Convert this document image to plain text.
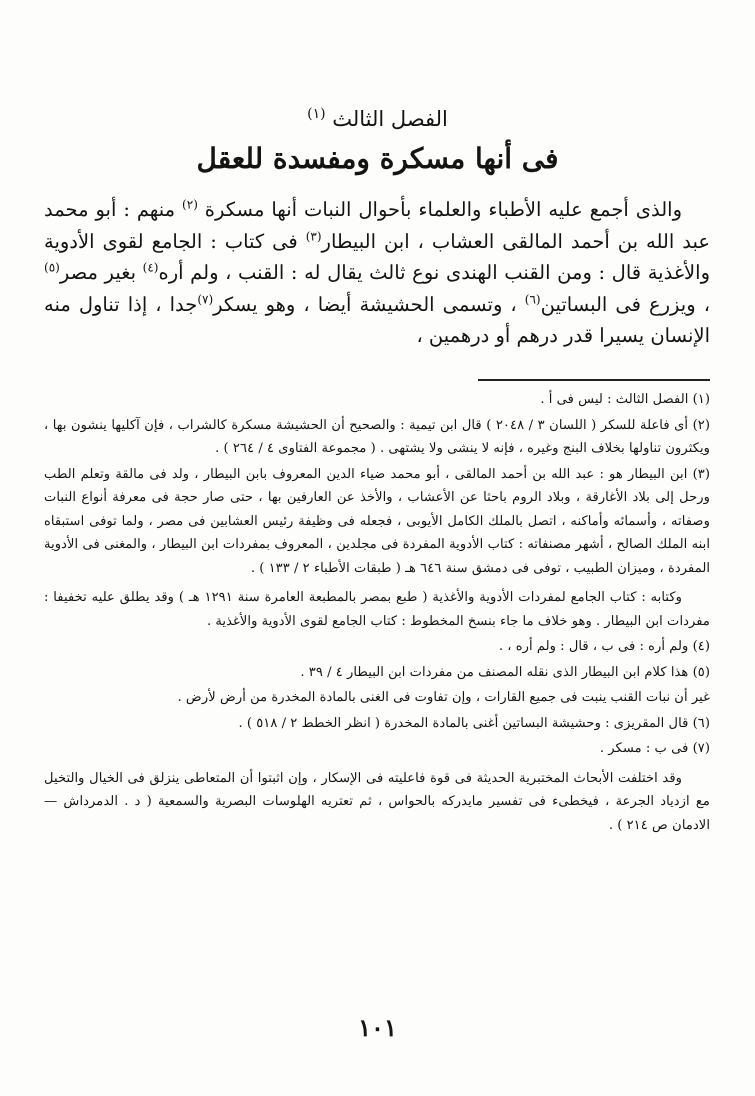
الفصل الثالث $^{(١)}$
فى أنها مسكرة ومفسدة للعقل

والذى أجمع عليه الأطباء والعلماء بأحوال النبات أنها مسكرة $^{(٢)}$ منهم : أبو محمد عبد الله بن أحمد المالقى العشاب ، ابن البيطار$^{(٣)}$ فى كتاب : الجامع لقوى الأدوية والأغذية قال : ومن القنب الهندى نوع ثالث يقال له : القنب ، ولم أره$^{(٤)}$ بغير مصر$^{(٥)}$ ، ويزرع فى البساتين$^{(٦)}$ ، وتسمى الحشيشة أيضا ، وهو يسكر$^{(٧)}$جدا ، إذا تناول منه الإنسان يسيرا قدر درهم أو درهمين ،

(١) الفصل الثالث : ليس فى أ .

(٢) أى فاعلة للسكر ( اللسان ٣ / ٢٠٤٨ ) قال ابن تيمية : والصحيح أن الحشيشة مسكرة كالشراب ، فإن آكليها ينشون بها ، ويكثرون تناولها بخلاف البنج وغيره ، فإنه لا ينشى ولا يشتهى . ( مجموعة الفتاوى ٤ / ٢٦٤ ) .

(٣) ابن البيطار هو : عبد الله بن أحمد المالقى ، أبو محمد ضياء الدين المعروف بابن البيطار ، ولد فى مالقة وتعلم الطب ورحل إلى بلاد الأغارقة ، وبلاد الروم باحثا عن الأعشاب ، والأخذ عن العارفين بها ، حتى صار حجة فى معرفة أنواع النبات وصفاته ، وأسمائه وأماكنه ، اتصل بالملك الكامل الأيوبى ، فجعله فى وظيفة رئيس العشابين فى مصر ، ولما توفى استبقاه ابنه الملك الصالح ، أشهر مصنفاته : كتاب الأدوية المفردة فى مجلدين ، المعروف بمفردات ابن البيطار ، والمغنى فى الأدوية المفردة ، وميزان الطبيب ، توفى فى دمشق سنة ٦٤٦ هـ ( طبقات الأطباء ٢ / ١٣٣ ) .

وكتابه : كتاب الجامع لمفردات الأدوية والأغذية ( طبع بمصر بالمطبعة العامرة سنة ١٢٩١ هـ ) وقد يطلق عليه تخفيفا : مفردات ابن البيطار . وهو خلاف ما جاء بنسخ المخطوط : كتاب الجامع لقوى الأدوية والأغذية .

(٤) ولم أره : فى ب ، قال : ولم أره ، .

(٥) هذا كلام ابن البيطار الذى نقله المصنف من مفردات ابن البيطار ٤ / ٣٩ .

غير أن نبات القنب ينبت فى جميع القارات ، وإن تفاوت فى الغنى بالمادة المخدرة من أرض لأرض .

(٦) قال المقريزى : وحشيشة البساتين أغنى بالمادة المخدرة ( انظر الخطط ٢ / ٥١٨ ) .

(٧) فى ب : مسكر .

وقد اختلفت الأبحاث المختبرية الحديثة فى قوة فاعليته فى الإسكار ، وإن اثبتوا أن المتعاطى ينزلق فى الخيال والتخيل مع ازدياد الجرعة ، فيخطىء فى تفسير مايدركه بالحواس ، ثم تعتريه الهلوسات البصرية والسمعية ( د . الدمرداش — الادمان ص ٢١٤ ) .

١٠١
